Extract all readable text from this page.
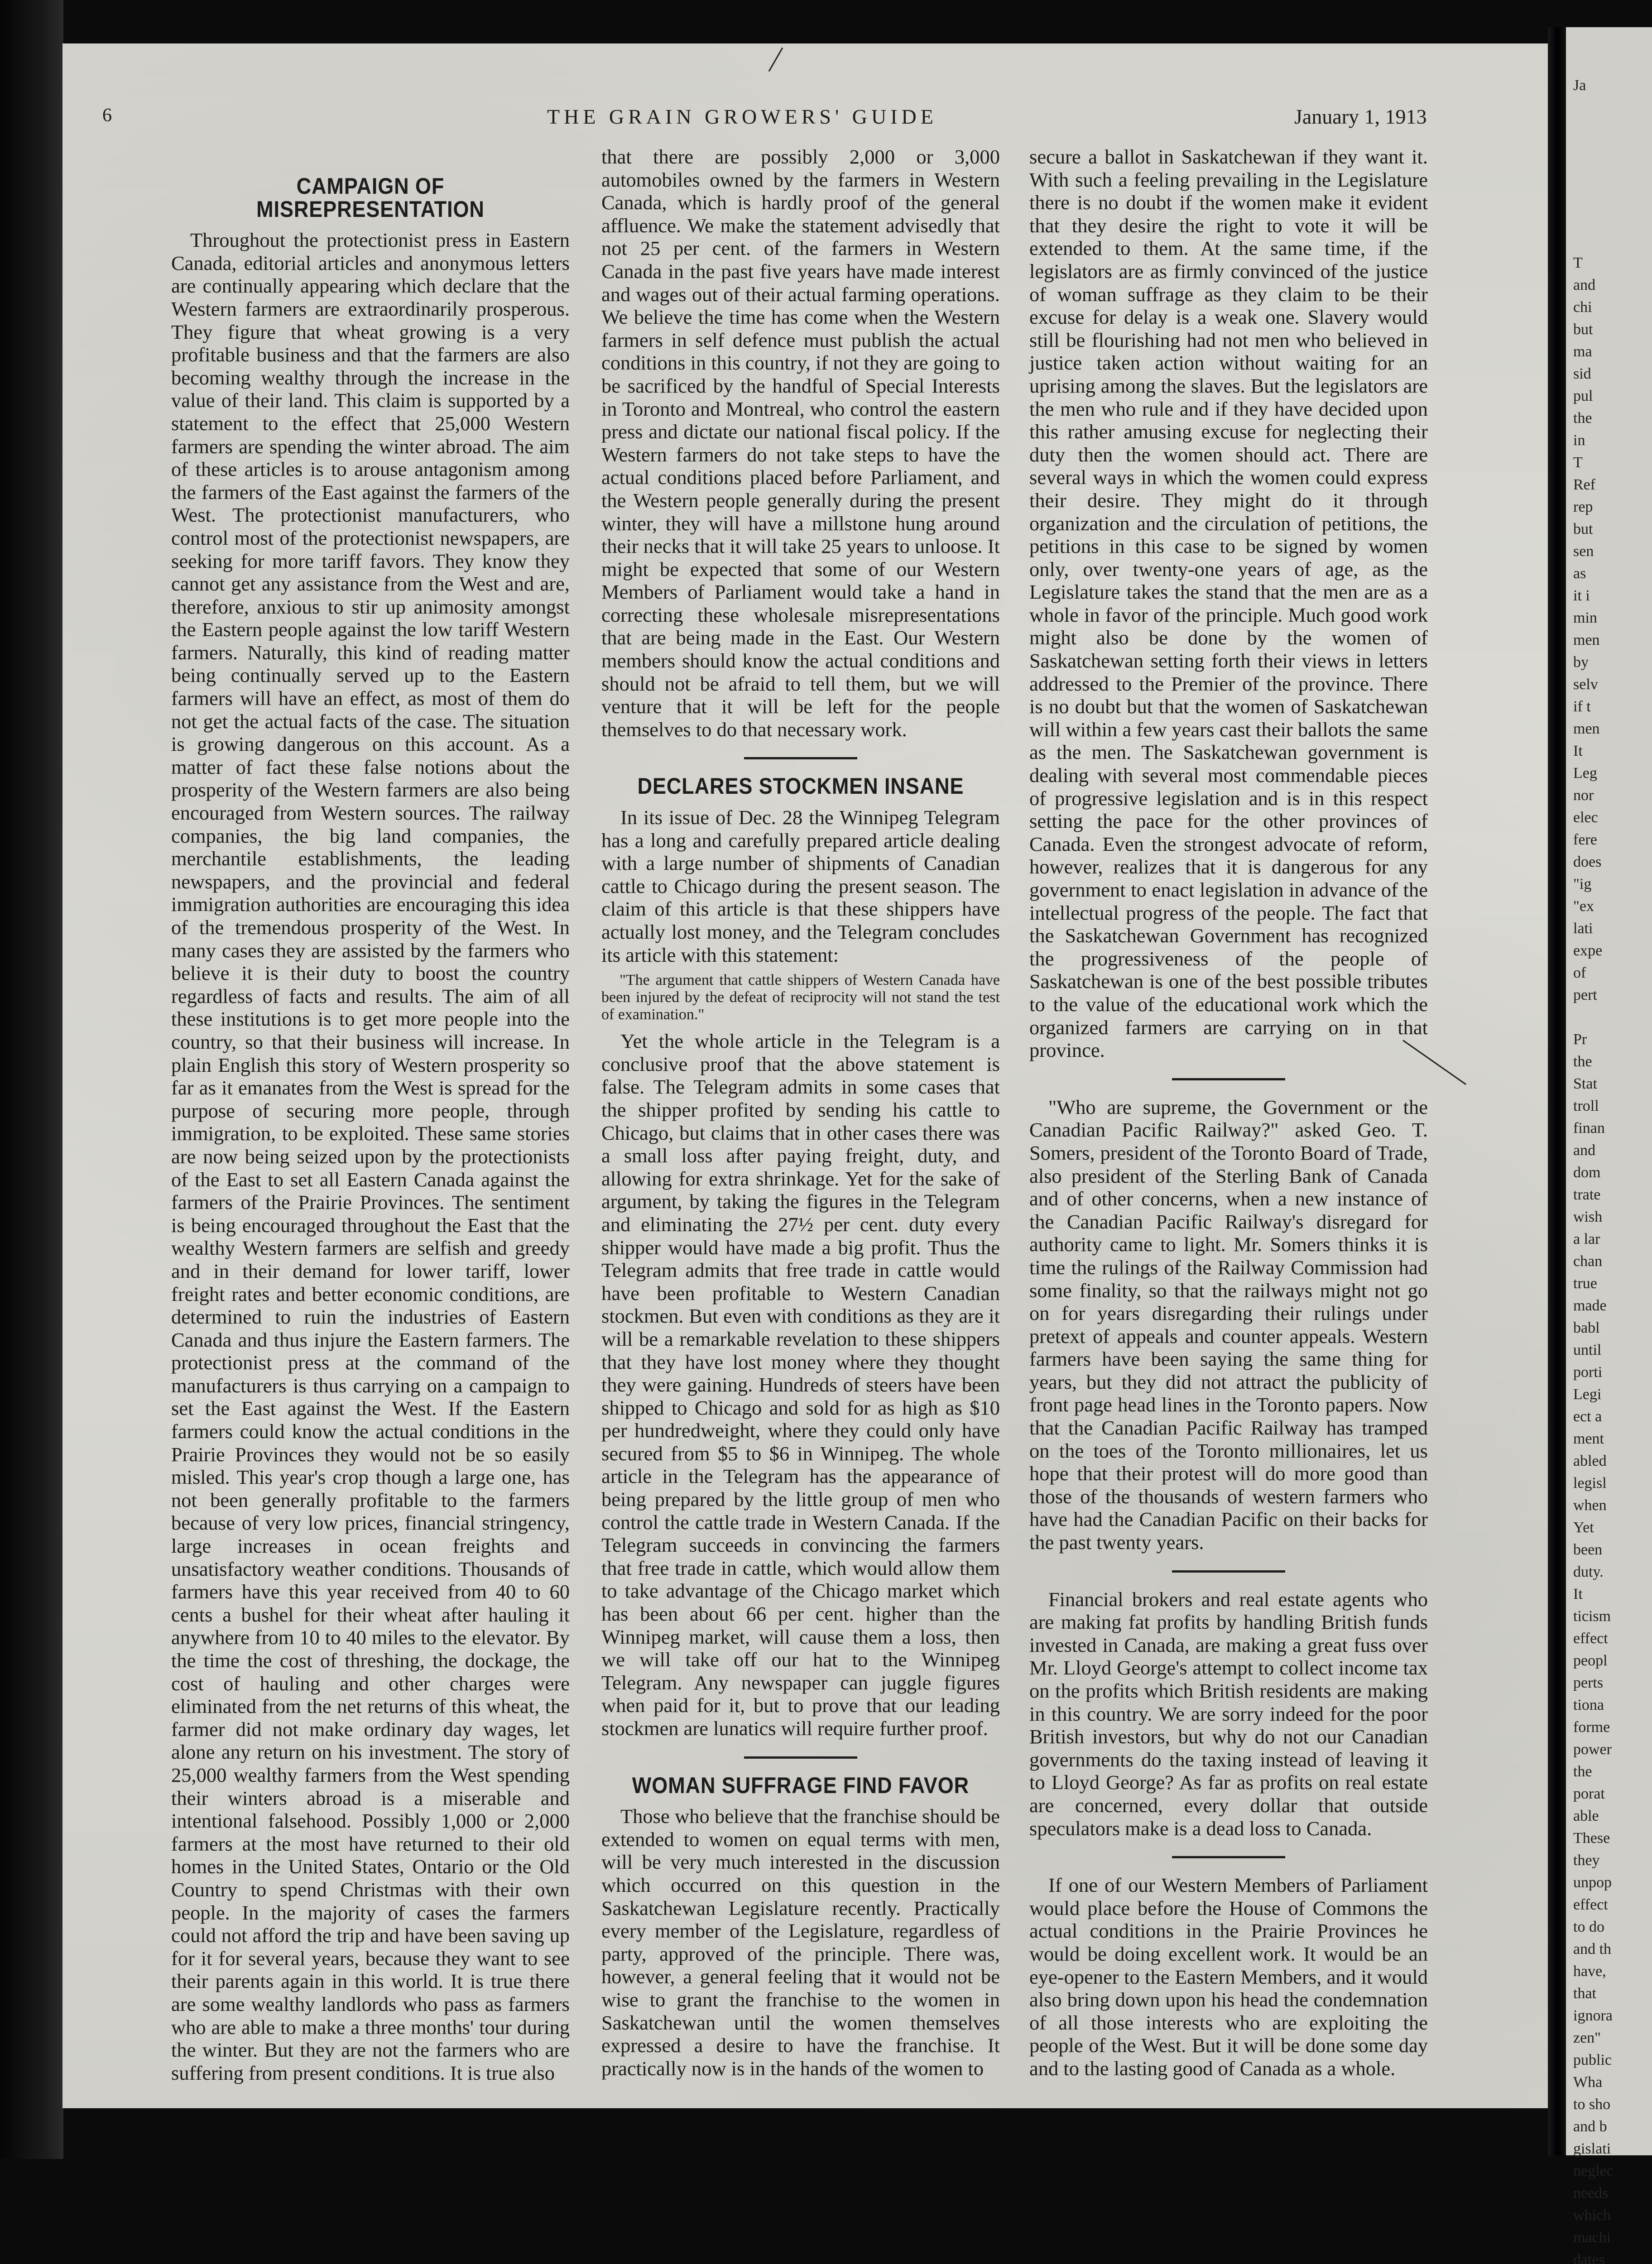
Ja
T
and
chi
but
ma
sid
pul
the
in
T
Ref
rep
but
sen
as
it i
min
men
by
selv
if t
men
It
Leg
nor
elec
fere
does
"ig
"ex
lati
expe
of
pert
Pr
the
Stat
troll
finan
and
dom
trate
wish
a lar
chan
true
made
babl
until
porti
Legi
ect a
ment
abled
legisl
when
Yet
been
duty.
It
ticism
effect
peopl
perts
tiona
forme
power
the
porat
able
These
they
unpop
effect
to do
and th
have,
that
ignora
zen"
public
Wha
to sho
and b
gislati
neglec
needs
which
machi
dates
6	THE GRAIN GROWERS' GUIDE	January 1, 1913
CAMPAIGN OF MISREPRESENTATION

Throughout the protectionist press in Eastern Canada, editorial articles and anonymous letters are continually appearing which declare that the Western farmers are extraordinarily prosperous. They figure that wheat growing is a very profitable business and that the farmers are also becoming wealthy through the increase in the value of their land. This claim is supported by a statement to the effect that 25,000 Western farmers are spending the winter abroad. The aim of these articles is to arouse antagonism among the farmers of the East against the farmers of the West. The protectionist manufacturers, who control most of the protectionist newspapers, are seeking for more tariff favors. They know they cannot get any assistance from the West and are, therefore, anxious to stir up animosity amongst the Eastern people against the low tariff Western farmers. Naturally, this kind of reading matter being continually served up to the Eastern farmers will have an effect, as most of them do not get the actual facts of the case. The situation is growing dangerous on this account. As a matter of fact these false notions about the prosperity of the Western farmers are also being encouraged from Western sources. The railway companies, the big land companies, the merchantile establishments, the leading newspapers, and the provincial and federal immigration authorities are encouraging this idea of the tremendous prosperity of the West. In many cases they are assisted by the farmers who believe it is their duty to boost the country regardless of facts and results. The aim of all these institutions is to get more people into the country, so that their business will increase. In plain English this story of Western prosperity so far as it emanates from the West is spread for the purpose of securing more people, through immigration, to be exploited. These same stories are now being seized upon by the protectionists of the East to set all Eastern Canada against the farmers of the Prairie Provinces. The sentiment is being encouraged throughout the East that the wealthy Western farmers are selfish and greedy and in their demand for lower tariff, lower freight rates and better economic conditions, are determined to ruin the industries of Eastern Canada and thus injure the Eastern farmers. The protectionist press at the command of the manufacturers is thus carrying on a campaign to set the East against the West. If the Eastern farmers could know the actual conditions in the Prairie Provinces they would not be so easily misled. This year's crop though a large one, has not been generally profitable to the farmers because of very low prices, financial stringency, large increases in ocean freights and unsatisfactory weather conditions. Thousands of farmers have this year received from 40 to 60 cents a bushel for their wheat after hauling it anywhere from 10 to 40 miles to the elevator. By the time the cost of threshing, the dockage, the cost of hauling and other charges were eliminated from the net returns of this wheat, the farmer did not make ordinary day wages, let alone any return on his investment. The story of 25,000 wealthy farmers from the West spending their winters abroad is a miserable and intentional falsehood. Possibly 1,000 or 2,000 farmers at the most have returned to their old homes in the United States, Ontario or the Old Country to spend Christmas with their own people. In the majority of cases the farmers could not afford the trip and have been saving up for it for several years, because they want to see their parents again in this world. It is true there are some wealthy landlords who pass as farmers who are able to make a three months' tour during the winter. But they are not the farmers who are suffering from present conditions. It is true also

that there are possibly 2,000 or 3,000 automobiles owned by the farmers in Western Canada, which is hardly proof of the general affluence. We make the statement advisedly that not 25 per cent. of the farmers in Western Canada in the past five years have made interest and wages out of their actual farming operations. We believe the time has come when the Western farmers in self defence must publish the actual conditions in this country, if not they are going to be sacrificed by the handful of Special Interests in Toronto and Montreal, who control the eastern press and dictate our national fiscal policy. If the Western farmers do not take steps to have the actual conditions placed before Parliament, and the Western people generally during the present winter, they will have a millstone hung around their necks that it will take 25 years to unloose. It might be expected that some of our Western Members of Parliament would take a hand in correcting these wholesale misrepresentations that are being made in the East. Our Western members should know the actual conditions and should not be afraid to tell them, but we will venture that it will be left for the people themselves to do that necessary work.

DECLARES STOCKMEN INSANE

In its issue of Dec. 28 the Winnipeg Telegram has a long and carefully prepared article dealing with a large number of shipments of Canadian cattle to Chicago during the present season. The claim of this article is that these shippers have actually lost money, and the Telegram concludes its article with this statement:

"The argument that cattle shippers of Western Canada have been injured by the defeat of reciprocity will not stand the test of examination."

Yet the whole article in the Telegram is a conclusive proof that the above statement is false. The Telegram admits in some cases that the shipper profited by sending his cattle to Chicago, but claims that in other cases there was a small loss after paying freight, duty, and allowing for extra shrinkage. Yet for the sake of argument, by taking the figures in the Telegram and eliminating the 27½ per cent. duty every shipper would have made a big profit. Thus the Telegram admits that free trade in cattle would have been profitable to Western Canadian stockmen. But even with conditions as they are it will be a remarkable revelation to these shippers that they have lost money where they thought they were gaining. Hundreds of steers have been shipped to Chicago and sold for as high as $10 per hundredweight, where they could only have secured from $5 to $6 in Winnipeg. The whole article in the Telegram has the appearance of being prepared by the little group of men who control the cattle trade in Western Canada. If the Telegram succeeds in convincing the farmers that free trade in cattle, which would allow them to take advantage of the Chicago market which has been about 66 per cent. higher than the Winnipeg market, will cause them a loss, then we will take off our hat to the Winnipeg Telegram. Any newspaper can juggle figures when paid for it, but to prove that our leading stockmen are lunatics will require further proof.

WOMAN SUFFRAGE FIND FAVOR

Those who believe that the franchise should be extended to women on equal terms with men, will be very much interested in the discussion which occurred on this question in the Saskatchewan Legislature recently. Practically every member of the Legislature, regardless of party, approved of the principle. There was, however, a general feeling that it would not be wise to grant the franchise to the women in Saskatchewan until the women themselves expressed a desire to have the franchise. It practically now is in the hands of the women to

secure a ballot in Saskatchewan if they want it. With such a feeling prevailing in the Legislature there is no doubt if the women make it evident that they desire the right to vote it will be extended to them. At the same time, if the legislators are as firmly convinced of the justice of woman suffrage as they claim to be their excuse for delay is a weak one. Slavery would still be flourishing had not men who believed in justice taken action without waiting for an uprising among the slaves. But the legislators are the men who rule and if they have decided upon this rather amusing excuse for neglecting their duty then the women should act. There are several ways in which the women could express their desire. They might do it through organization and the circulation of petitions, the petitions in this case to be signed by women only, over twenty-one years of age, as the Legislature takes the stand that the men are as a whole in favor of the principle. Much good work might also be done by the women of Saskatchewan setting forth their views in letters addressed to the Premier of the province. There is no doubt but that the women of Saskatchewan will within a few years cast their ballots the same as the men. The Saskatchewan government is dealing with several most commendable pieces of progressive legislation and is in this respect setting the pace for the other provinces of Canada. Even the strongest advocate of reform, however, realizes that it is dangerous for any government to enact legislation in advance of the intellectual progress of the people. The fact that the Saskatchewan Government has recognized the progressiveness of the people of Saskatchewan is one of the best possible tributes to the value of the educational work which the organized farmers are carrying on in that province.

"Who are supreme, the Government or the Canadian Pacific Railway?" asked Geo. T. Somers, president of the Toronto Board of Trade, also president of the Sterling Bank of Canada and of other concerns, when a new instance of the Canadian Pacific Railway's disregard for authority came to light. Mr. Somers thinks it is time the rulings of the Railway Commission had some finality, so that the railways might not go on for years disregarding their rulings under pretext of appeals and counter appeals. Western farmers have been saying the same thing for years, but they did not attract the publicity of front page head lines in the Toronto papers. Now that the Canadian Pacific Railway has tramped on the toes of the Toronto millionaires, let us hope that their protest will do more good than those of the thousands of western farmers who have had the Canadian Pacific on their backs for the past twenty years.

Financial brokers and real estate agents who are making fat profits by handling British funds invested in Canada, are making a great fuss over Mr. Lloyd George's attempt to collect income tax on the profits which British residents are making in this country. We are sorry indeed for the poor British investors, but why do not our Canadian governments do the taxing instead of leaving it to Lloyd George? As far as profits on real estate are concerned, every dollar that outside speculators make is a dead loss to Canada.

If one of our Western Members of Parliament would place before the House of Commons the actual conditions in the Prairie Provinces he would be doing excellent work. It would be an eye-opener to the Eastern Members, and it would also bring down upon his head the condemnation of all those interests who are exploiting the people of the West. But it will be done some day and to the lasting good of Canada as a whole.
